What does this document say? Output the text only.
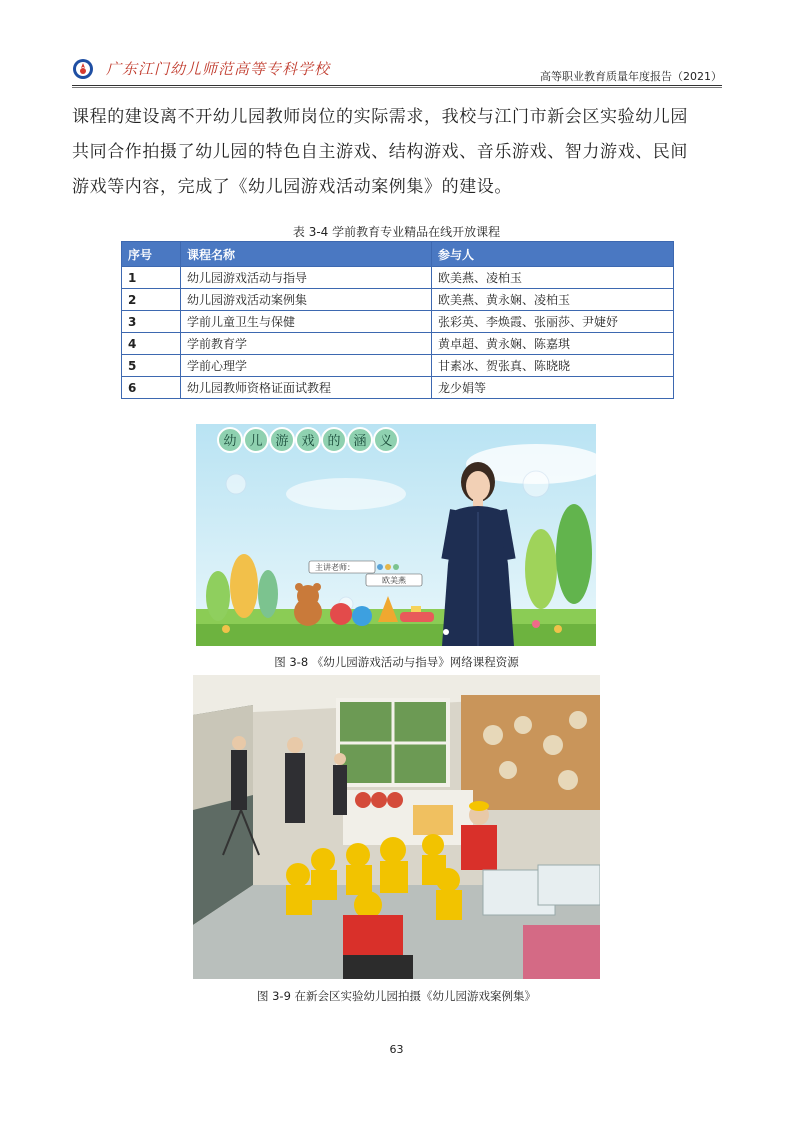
广东江门幼儿师范高等专科学校	高等职业教育质量年度报告（2021）

课程的建设离不开幼儿园教师岗位的实际需求，我校与江门市新会区实验幼儿园

共同合作拍摄了幼儿园的特色自主游戏、结构游戏、音乐游戏、智力游戏、民间

游戏等内容，完成了《幼儿园游戏活动案例集》的建设。

表 3-4 学前教育专业精品在线开放课程
序号	课程名称	参与人
1	幼儿园游戏活动与指导	欧美燕、凌柏玉
2	幼儿园游戏活动案例集	欧美燕、黄永娴、凌柏玉
3	学前儿童卫生与保健	张彩英、李焕霞、张丽莎、尹婕妤
4	学前教育学	黄卓超、黄永娴、陈嘉琪
5	学前心理学	甘素冰、贺张真、陈晓晓
6	幼儿园教师资格证面试教程	龙少娟等
幼 儿 游 戏 的 涵 义
主讲老师：
欧美燕
图 3-8 《幼儿园游戏活动与指导》网络课程资源
图 3-9 在新会区实验幼儿园拍摄《幼儿园游戏案例集》
63
